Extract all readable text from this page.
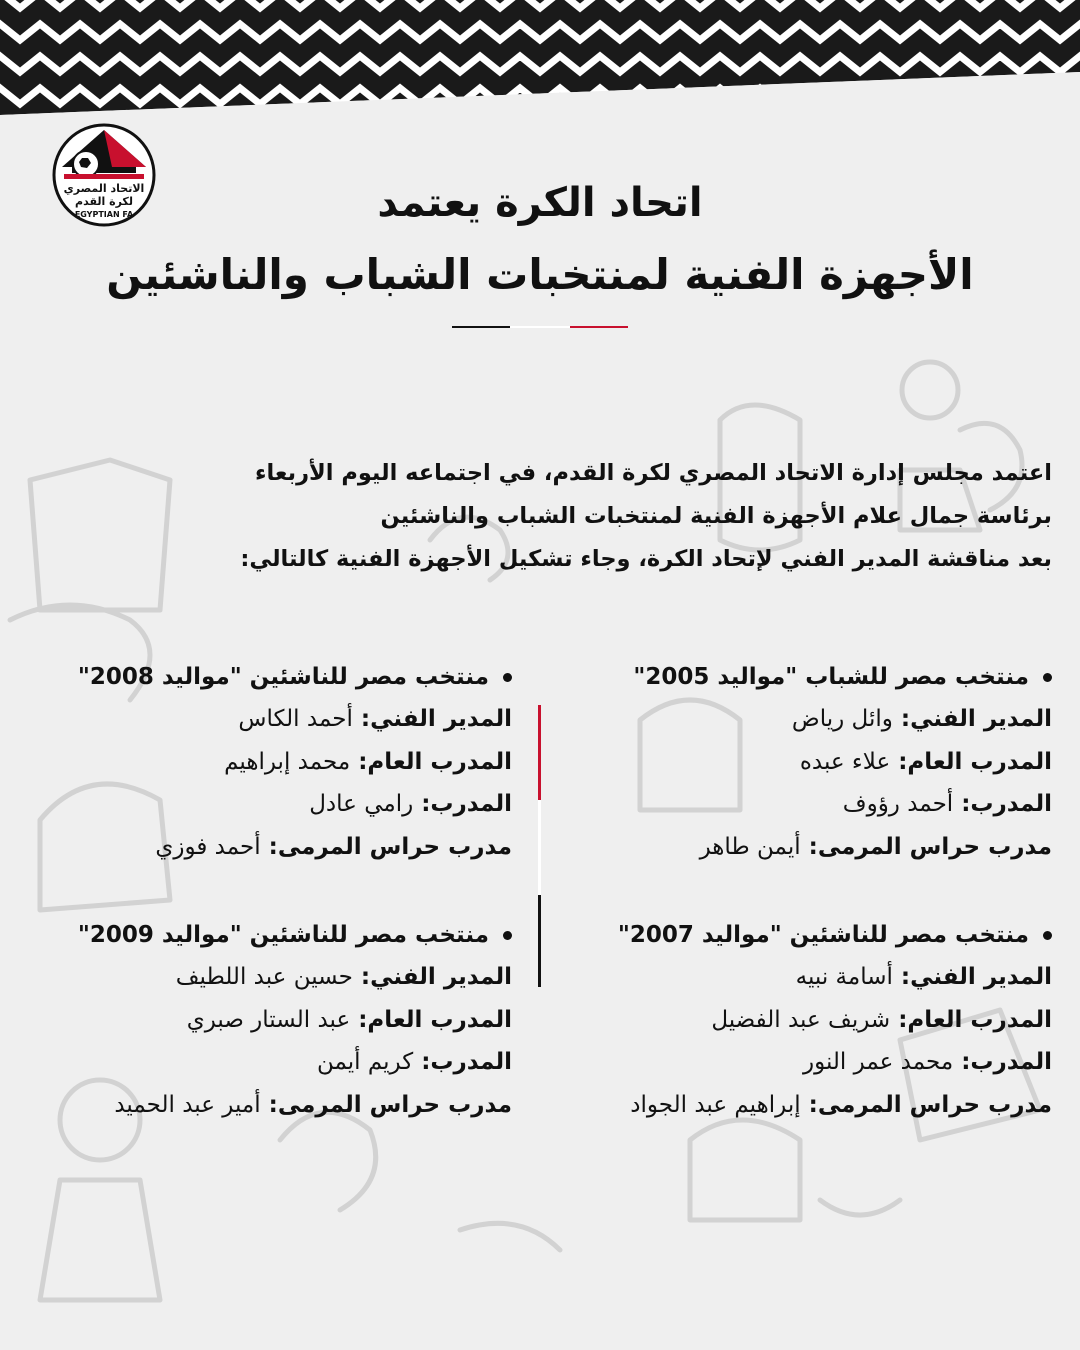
الاتحاد المصري
لكرة القدم
EGYPTIAN FA	اتحاد الكرة يعتمد
الأجهزة الفنية لمنتخبات الشباب والناشئين
اعتمد مجلس إدارة الاتحاد المصري لكرة القدم، في اجتماعه اليوم الأربعاء
برئاسة جمال علام الأجهزة الفنية لمنتخبات الشباب والناشئين
بعد مناقشة المدير الفني لإتحاد الكرة، وجاء تشكيل الأجهزة الفنية كالتالي:
منتخب مصر للشباب "مواليد 2005"
المدير الفني: وائل رياض
المدرب العام: علاء عبده
المدرب: أحمد رؤوف
مدرب حراس المرمى: أيمن طاهر
منتخب مصر للناشئين "مواليد 2008"
المدير الفني: أحمد الكاس
المدرب العام: محمد إبراهيم
المدرب: رامي عادل
مدرب حراس المرمى: أحمد فوزي
منتخب مصر للناشئين "مواليد 2007"
المدير الفني: أسامة نبيه
المدرب العام: شريف عبد الفضيل
المدرب: محمد عمر النور
مدرب حراس المرمى: إبراهيم عبد الجواد
منتخب مصر للناشئين "مواليد 2009"
المدير الفني: حسين عبد اللطيف
المدرب العام: عبد الستار صبري
المدرب: كريم أيمن
مدرب حراس المرمى: أمير عبد الحميد
